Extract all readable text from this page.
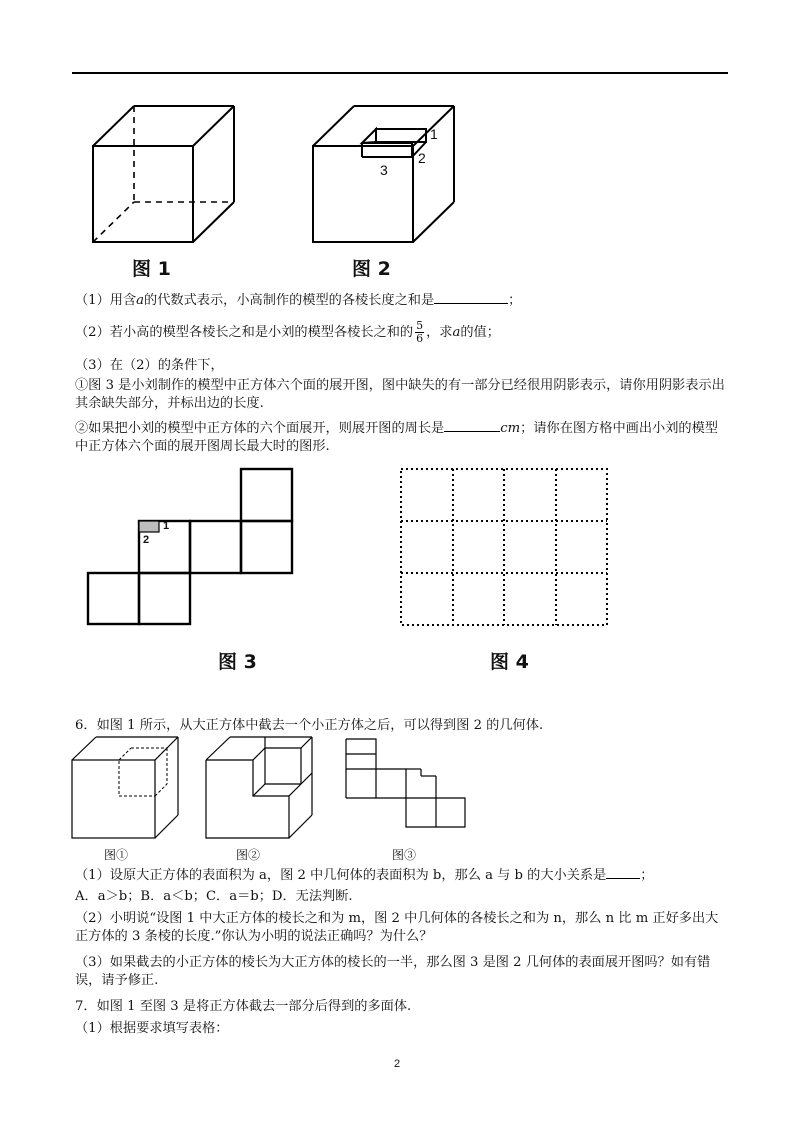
1
2
3
图 1	图 2
（1）用含a的代数式表示，小高制作的模型的各棱长度之和是	；
（2）若小高的模型各棱长之和是小刘的模型各棱长之和的 $\frac{5}{6}$ ，求a的值；
（3）在（2）的条件下，
①图 3 是小刘制作的模型中正方体六个面的展开图，图中缺失的有一部分已经很用阴影表示，请你用阴影表示出其余缺失部分，并标出边的长度.
②如果把小刘的模型中正方体的六个面展开，则展开图的周长是	cm；请你在图方格中画出小刘的模型中正方体六个面的展开图周长最大时的图形.
1
2
图 3	图 4
6．如图 1 所示，从大正方体中截去一个小正方体之后，可以得到图 2 的几何体.
图①	图②	图③
（1）设原大正方体的表面积为 a，图 2 中几何体的表面积为 b，那么 a 与 b 的大小关系是	；
A．a＞b；B．a＜b；C．a＝b；D．无法判断.
（2）小明说“设图 1 中大正方体的棱长之和为 m，图 2 中几何体的各棱长之和为 n，那么 n 比 m 正好多出大正方体的 3 条棱的长度.”你认为小明的说法正确吗？为什么？
（3）如果截去的小正方体的棱长为大正方体的棱长的一半，那么图 3 是图 2 几何体的表面展开图吗？如有错误，请予修正.
7．如图 1 至图 3 是将正方体截去一部分后得到的多面体.
（1）根据要求填写表格：
2
